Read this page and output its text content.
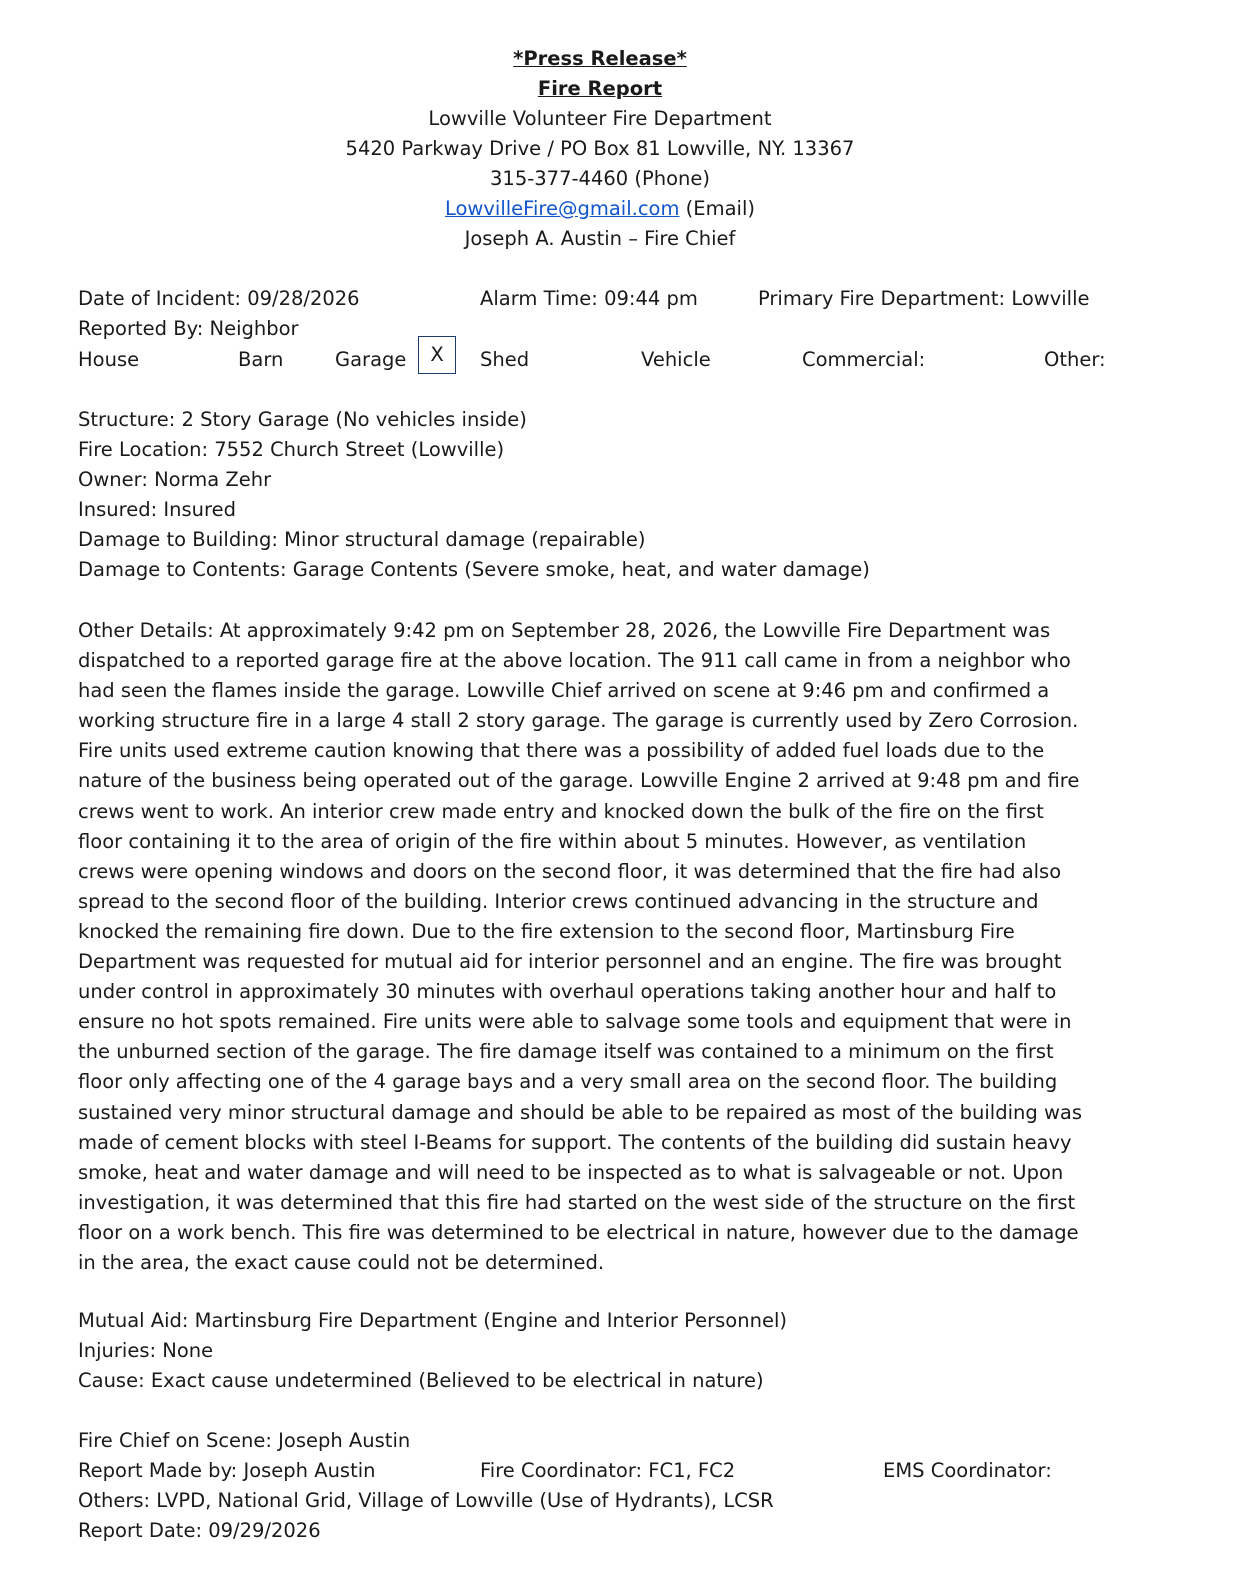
*Press Release*
Fire Report
Lowville Volunteer Fire Department
5420 Parkway Drive / PO Box 81 Lowville, NY. 13367
315-377-4460 (Phone)
LowvilleFire@gmail.com (Email)
Joseph A. Austin – Fire Chief
Date of Incident: 09/28/2026	Alarm Time: 09:44 pm	Primary Fire Department: Lowville
Reported By: Neighbor
House	Barn	Garage	X	Shed	Vehicle	Commercial:	Other:
Structure: 2 Story Garage (No vehicles inside)
Fire Location: 7552 Church Street (Lowville)
Owner: Norma Zehr
Insured: Insured
Damage to Building: Minor structural damage (repairable)
Damage to Contents: Garage Contents (Severe smoke, heat, and water damage)
Other Details: At approximately 9:42 pm on September 28, 2026, the Lowville Fire Department was
dispatched to a reported garage fire at the above location. The 911 call came in from a neighbor who
had seen the flames inside the garage. Lowville Chief arrived on scene at 9:46 pm and confirmed a
working structure fire in a large 4 stall 2 story garage. The garage is currently used by Zero Corrosion.
Fire units used extreme caution knowing that there was a possibility of added fuel loads due to the
nature of the business being operated out of the garage. Lowville Engine 2 arrived at 9:48 pm and fire
crews went to work. An interior crew made entry and knocked down the bulk of the fire on the first
floor containing it to the area of origin of the fire within about 5 minutes. However, as ventilation
crews were opening windows and doors on the second floor, it was determined that the fire had also
spread to the second floor of the building. Interior crews continued advancing in the structure and
knocked the remaining fire down. Due to the fire extension to the second floor, Martinsburg Fire
Department was requested for mutual aid for interior personnel and an engine. The fire was brought
under control in approximately 30 minutes with overhaul operations taking another hour and half to
ensure no hot spots remained. Fire units were able to salvage some tools and equipment that were in
the unburned section of the garage. The fire damage itself was contained to a minimum on the first
floor only affecting one of the 4 garage bays and a very small area on the second floor. The building
sustained very minor structural damage and should be able to be repaired as most of the building was
made of cement blocks with steel I-Beams for support. The contents of the building did sustain heavy
smoke, heat and water damage and will need to be inspected as to what is salvageable or not. Upon
investigation, it was determined that this fire had started on the west side of the structure on the first
floor on a work bench. This fire was determined to be electrical in nature, however due to the damage
in the area, the exact cause could not be determined.
Mutual Aid: Martinsburg Fire Department (Engine and Interior Personnel)
Injuries: None
Cause: Exact cause undetermined (Believed to be electrical in nature)
Fire Chief on Scene: Joseph Austin
Report Made by: Joseph Austin	Fire Coordinator: FC1, FC2	EMS Coordinator:
Others: LVPD, National Grid, Village of Lowville (Use of Hydrants), LCSR
Report Date: 09/29/2026
